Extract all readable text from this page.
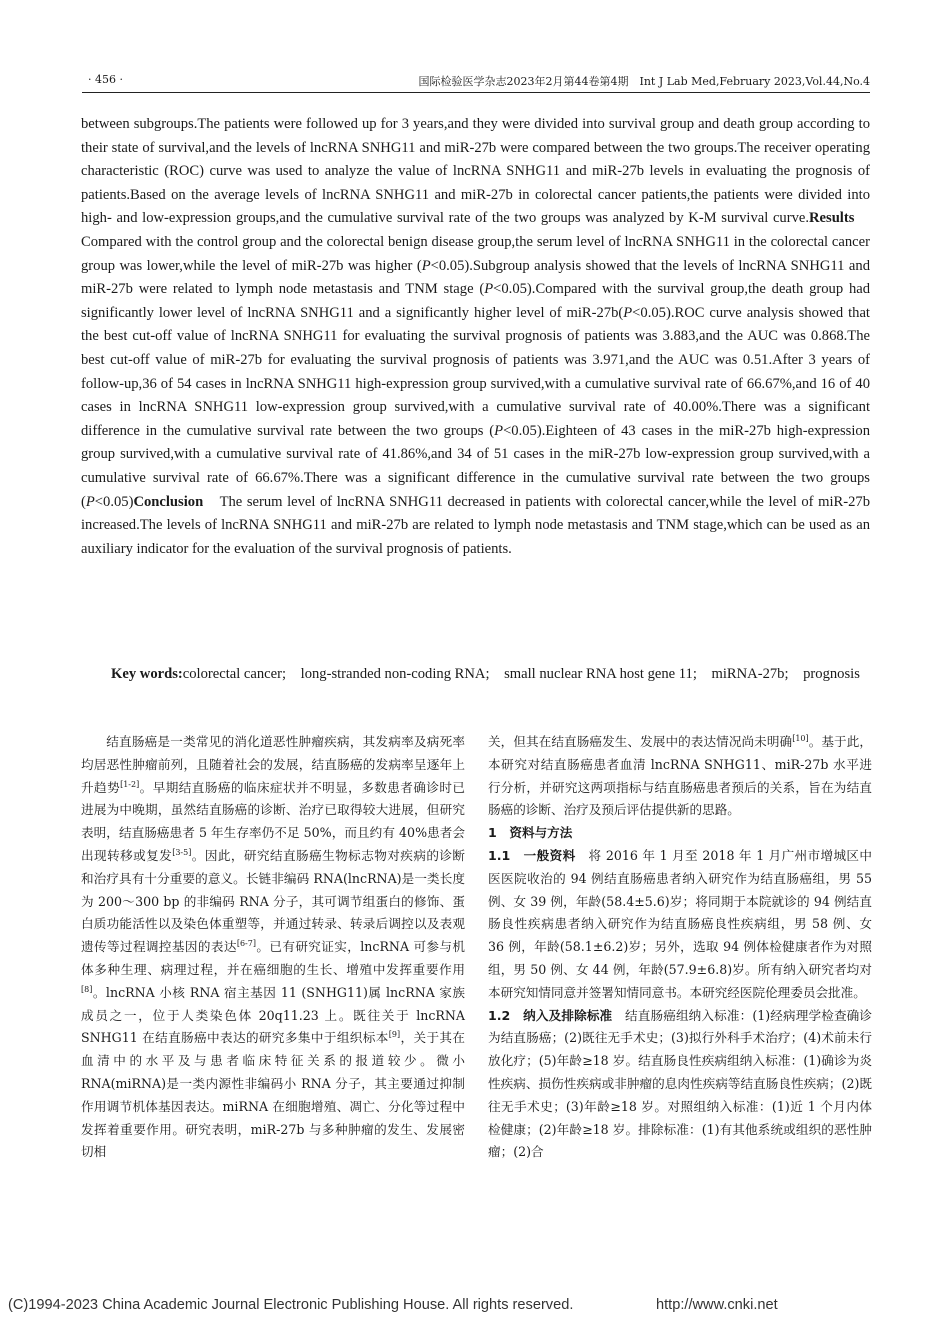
· 456 ·	国际检验医学杂志2023年2月第44卷第4期　Int J Lab Med,February 2023,Vol.44,No.4

between subgroups.The patients were followed up for 3 years,and they were divided into survival group and death group according to their state of survival,and the levels of lncRNA SNHG11 and miR-27b were compared between the two groups.The receiver operating characteristic (ROC) curve was used to analyze the value of lncRNA SNHG11 and miR-27b levels in evaluating the prognosis of patients.Based on the average levels of lncRNA SNHG11 and miR-27b in colorectal cancer patients,the patients were divided into high- and low-expression groups,and the cumulative survival rate of the two groups was analyzed by K-M survival curve.Results　Compared with the control group and the colorectal benign disease group,the serum level of lncRNA SNHG11 in the colorectal cancer group was lower,while the level of miR-27b was higher (P<0.05).Subgroup analysis showed that the levels of lncRNA SNHG11 and miR-27b were related to lymph node metastasis and TNM stage (P<0.05).Compared with the survival group,the death group had significantly lower level of lncRNA SNHG11 and a significantly higher level of miR-27b(P<0.05).ROC curve analysis showed that the best cut-off value of lncRNA SNHG11 for evaluating the survival prognosis of patients was 3.883,and the AUC was 0.868.The best cut-off value of miR-27b for evaluating the survival prognosis of patients was 3.971,and the AUC was 0.51.After 3 years of follow-up,36 of 54 cases in lncRNA SNHG11 high-expression group survived,with a cumulative survival rate of 66.67%,and 16 of 40 cases in lncRNA SNHG11 low-expression group survived,with a cumulative survival rate of 40.00%.There was a significant difference in the cumulative survival rate between the two groups (P<0.05).Eighteen of 43 cases in the miR-27b high-expression group survived,with a cumulative survival rate of 41.86%,and 34 of 51 cases in the miR-27b low-expression group survived,with a cumulative survival rate of 66.67%.There was a significant difference in the cumulative survival rate between the two groups (P<0.05)Conclusion　The serum level of lncRNA SNHG11 decreased in patients with colorectal cancer,while the level of miR-27b increased.The levels of lncRNA SNHG11 and miR-27b are related to lymph node metastasis and TNM stage,which can be used as an auxiliary indicator for the evaluation of the survival prognosis of patients.

Key words:colorectal cancer;　long-stranded non-coding RNA;　small nuclear RNA host gene 11;　miRNA-27b;　prognosis

结直肠癌是一类常见的消化道恶性肿瘤疾病，其发病率及病死率均居恶性肿瘤前列，且随着社会的发展，结直肠癌的发病率呈逐年上升趋势[1-2]。早期结直肠癌的临床症状并不明显，多数患者确诊时已进展为中晚期，虽然结直肠癌的诊断、治疗已取得较大进展，但研究表明，结直肠癌患者 5 年生存率仍不足 50%，而且约有 40%患者会出现转移或复发[3-5]。因此，研究结直肠癌生物标志物对疾病的诊断和治疗具有十分重要的意义。长链非编码 RNA(lncRNA)是一类长度为 200～300 bp 的非编码 RNA 分子，其可调节组蛋白的修饰、蛋白质功能活性以及染色体重塑等，并通过转录、转录后调控以及表观遗传等过程调控基因的表达[6-7]。已有研究证实，lncRNA 可参与机体多种生理、病理过程，并在癌细胞的生长、增殖中发挥重要作用[8]。lncRNA 小核 RNA 宿主基因 11 (SNHG11)属 lncRNA 家族成员之一，位于人类染色体 20q11.23 上。既往关于 lncRNA SNHG11 在结直肠癌中表达的研究多集中于组织标本[9]，关于其在血清中的水平及与患者临床特征关系的报道较少。微小 RNA(miRNA)是一类内源性非编码小 RNA 分子，其主要通过抑制作用调节机体基因表达。miRNA 在细胞增殖、凋亡、分化等过程中发挥着重要作用。研究表明，miR-27b 与多种肿瘤的发生、发展密切相

关，但其在结直肠癌发生、发展中的表达情况尚未明确[10]。基于此，本研究对结直肠癌患者血清 lncRNA SNHG11、miR-27b 水平进行分析，并研究这两项指标与结直肠癌患者预后的关系，旨在为结直肠癌的诊断、治疗及预后评估提供新的思路。

1　资料与方法

1.1　一般资料　将 2016 年 1 月至 2018 年 1 月广州市增城区中医医院收治的 94 例结直肠癌患者纳入研究作为结直肠癌组，男 55 例、女 39 例，年龄(58.4±5.6)岁；将同期于本院就诊的 94 例结直肠良性疾病患者纳入研究作为结直肠癌良性疾病组，男 58 例、女 36 例，年龄(58.1±6.2)岁；另外，选取 94 例体检健康者作为对照组，男 50 例、女 44 例，年龄(57.9±6.8)岁。所有纳入研究者均对本研究知情同意并签署知情同意书。本研究经医院伦理委员会批准。

1.2　纳入及排除标准　结直肠癌组纳入标准：(1)经病理学检查确诊为结直肠癌；(2)既往无手术史；(3)拟行外科手术治疗；(4)术前未行放化疗；(5)年龄≥18 岁。结直肠良性疾病组纳入标准：(1)确诊为炎性疾病、损伤性疾病或非肿瘤的息肉性疾病等结直肠良性疾病；(2)既往无手术史；(3)年龄≥18 岁。对照组纳入标准：(1)近 1 个月内体检健康；(2)年龄≥18 岁。排除标准：(1)有其他系统或组织的恶性肿瘤；(2)合

(C)1994-2023 China Academic Journal Electronic Publishing House. All rights reserved.	http://www.cnki.net
